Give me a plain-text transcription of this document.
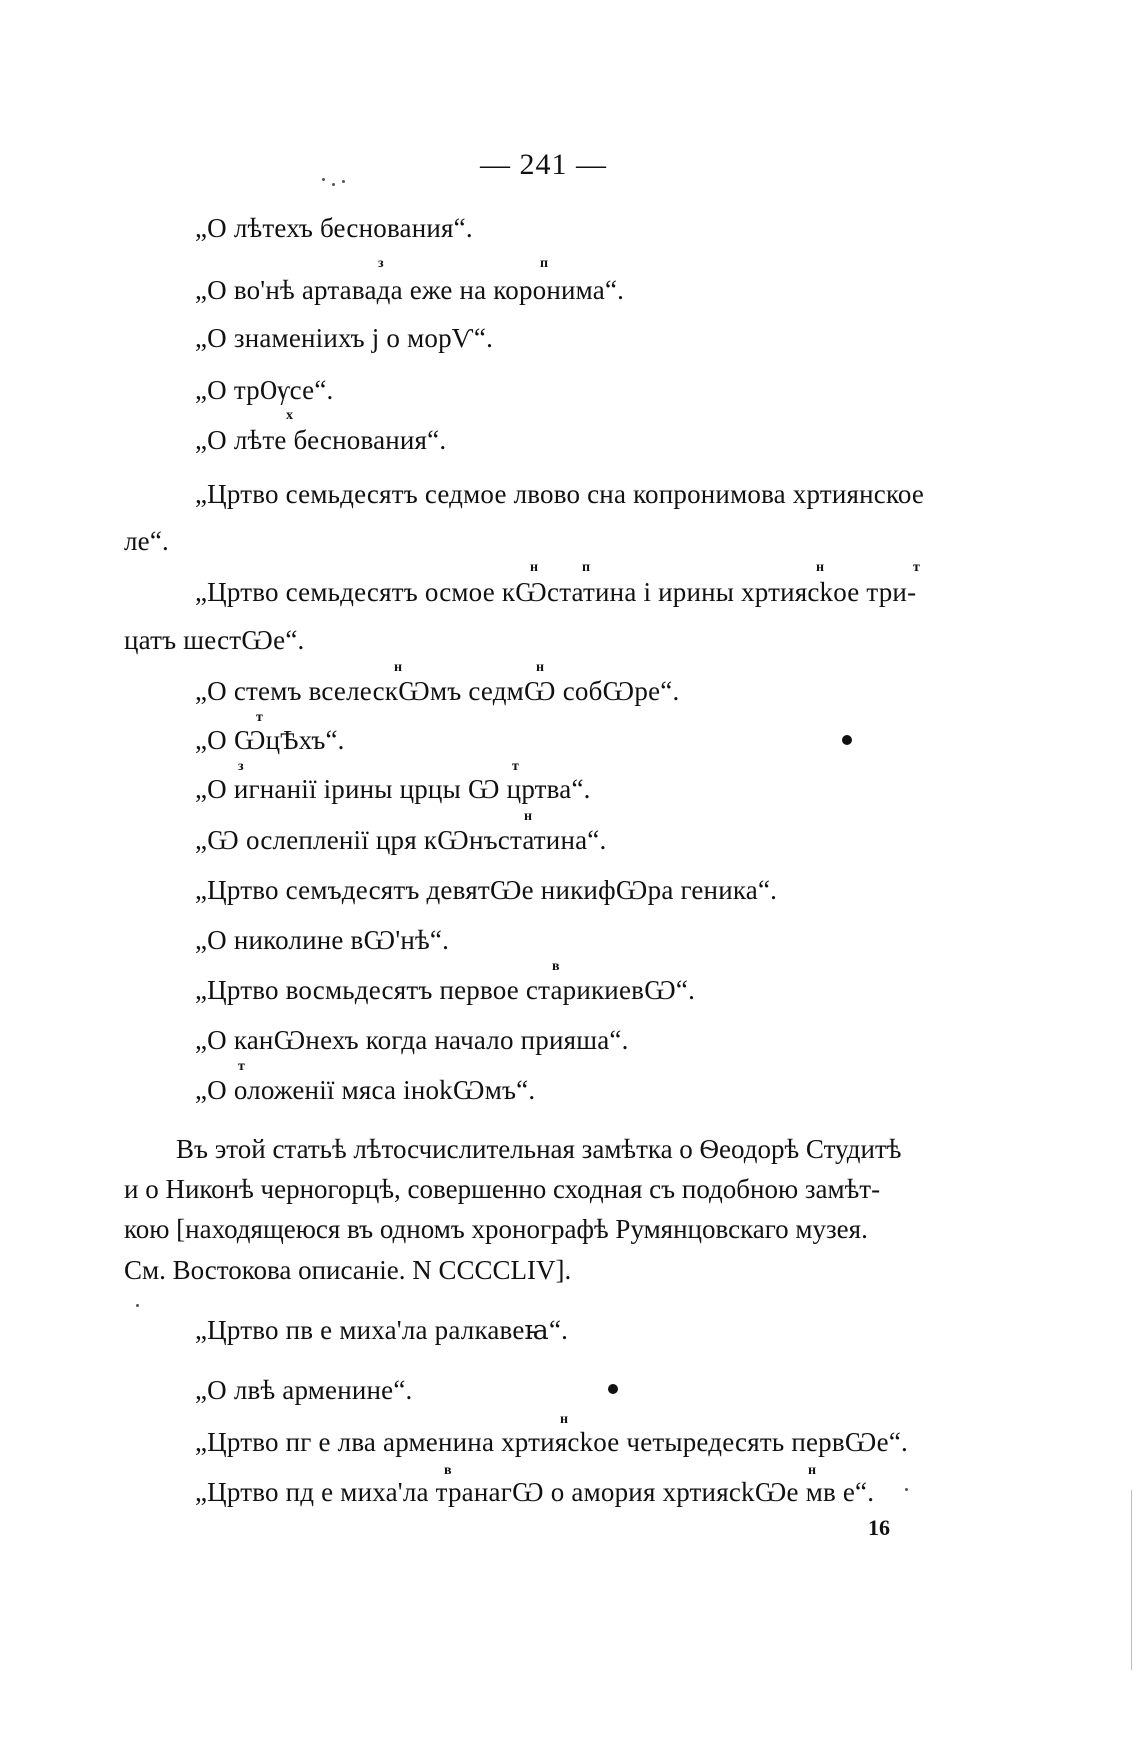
— 241 —
„О лѣтехъ беснования“.
з	п
„О во'нѣ артавада еже на коронима“.
„О знаменіихъ j о морѴ“.
„О трѸсе“.
х
„О лѣте беснования“.
„Цртво семьдесятъ седмое лвово сна копронимова хртиянское
ле“.
н	п	н	т
„Цртво семьдесятъ осмое кѠстатина і ирины хртиясkое три-
цатъ шестѠе“.
н	н
„О стемъ вселескѠмъ седмѠ собѠре“.
т
„О ѠцѢхъ“.
з	т
„О игнанії ірины црцы Ѡ цртва“.
н
„Ѡ ослепленії цря кѠнъстатина“.
„Цртво семъдесятъ девятѠе никифѠра геника“.
„О николине вѠ'нѣ“.
в
„Цртво восмьдесятъ первое старикиевѠ“.
„О канѠнехъ когда начало прияша“.
т
„О оложенії мяса іноkѠмъ“.
Въ этой статьѣ лѣтосчислительная замѣтка о Ѳеодорѣ Студитѣ
и о Никонѣ черногорцѣ, совершенно сходная съ подобною замѣт-
кою [находящеюся въ одномъ хронографѣ Румянцовскаго музея.
См. Востокова описаніе. N CCCCLIV].
„Цртво пв е миха'ла ралкавеꙗ“.
„О лвѣ арменине“.
н
„Цртво пг е лва арменина хртиясkое четыредесять первѠе“.
в	н
„Цртво пд е миха'ла транагѠ о амория хртиясkѠе мв е“.
16
